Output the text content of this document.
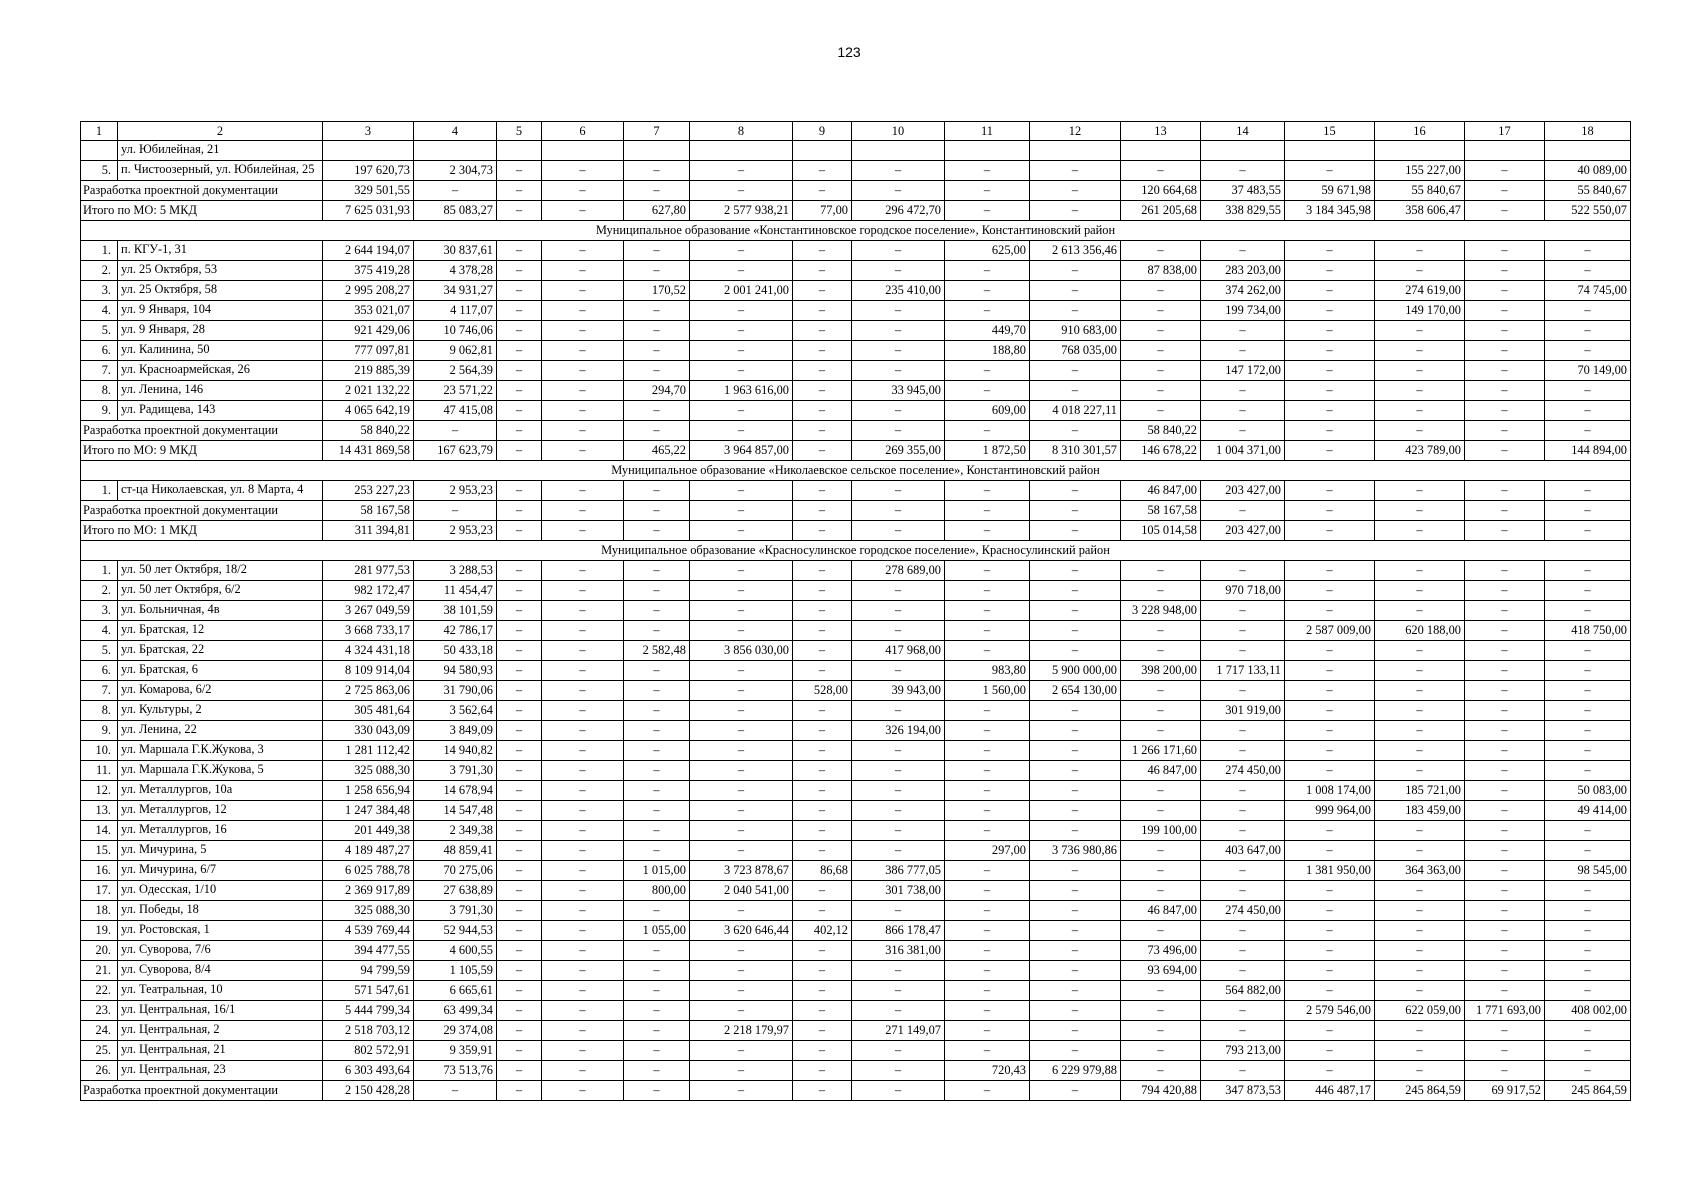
123
1	2	3	4	5	6	7	8	9	10	11	12	13	14	15	16	17	18
	ул. Юбилейная, 21																
5.	п. Чистоозерный, ул. Юбилейная, 25	197 620,73	2 304,73	–	–	–	–	–	–	–	–	–	–	–	155 227,00	–	40 089,00
Разработка проектной документации		329 501,55	–	–	–	–	–	–	–	–	–	120 664,68	37 483,55	59 671,98	55 840,67	–	55 840,67
Итого по МО: 5 МКД		7 625 031,93	85 083,27	–	–	627,80	2 577 938,21	77,00	296 472,70	–	–	261 205,68	338 829,55	3 184 345,98	358 606,47	–	522 550,07
Муниципальное образование «Константиновское городское поселение», Константиновский район																	
1.	п. КГУ-1, 31	2 644 194,07	30 837,61	–	–	–	–	–	–	625,00	2 613 356,46	–	–	–	–	–	–
2.	ул. 25 Октября, 53	375 419,28	4 378,28	–	–	–	–	–	–	–	–	87 838,00	283 203,00	–	–	–	–
3.	ул. 25 Октября, 58	2 995 208,27	34 931,27	–	–	170,52	2 001 241,00	–	235 410,00	–	–	–	374 262,00	–	274 619,00	–	74 745,00
4.	ул. 9 Января, 104	353 021,07	4 117,07	–	–	–	–	–	–	–	–	–	199 734,00	–	149 170,00	–	–
5.	ул. 9 Января, 28	921 429,06	10 746,06	–	–	–	–	–	–	449,70	910 683,00	–	–	–	–	–	–
6.	ул. Калинина, 50	777 097,81	9 062,81	–	–	–	–	–	–	188,80	768 035,00	–	–	–	–	–	–
7.	ул. Красноармейская, 26	219 885,39	2 564,39	–	–	–	–	–	–	–	–	–	147 172,00	–	–	–	70 149,00
8.	ул. Ленина, 146	2 021 132,22	23 571,22	–	–	294,70	1 963 616,00	–	33 945,00	–	–	–	–	–	–	–	–
9.	ул. Радищева, 143	4 065 642,19	47 415,08	–	–	–	–	–	–	609,00	4 018 227,11	–	–	–	–	–	–
Разработка проектной документации		58 840,22	–	–	–	–	–	–	–	–	–	58 840,22	–	–	–	–	–
Итого по МО: 9 МКД		14 431 869,58	167 623,79	–	–	465,22	3 964 857,00	–	269 355,00	1 872,50	8 310 301,57	146 678,22	1 004 371,00	–	423 789,00	–	144 894,00
Муниципальное образование «Николаевское сельское поселение», Константиновский район																	
1.	ст-ца Николаевская, ул. 8 Марта, 4	253 227,23	2 953,23	–	–	–	–	–	–	–	–	46 847,00	203 427,00	–	–	–	–
Разработка проектной документации		58 167,58	–	–	–	–	–	–	–	–	–	58 167,58	–	–	–	–	–
Итого по МО: 1 МКД		311 394,81	2 953,23	–	–	–	–	–	–	–	–	105 014,58	203 427,00	–	–	–	–
Муниципальное образование «Красносулинское городское поселение», Красносулинский район																	
1.	ул. 50 лет Октября, 18/2	281 977,53	3 288,53	–	–	–	–	–	278 689,00	–	–	–	–	–	–	–	–
2.	ул. 50 лет Октября, 6/2	982 172,47	11 454,47	–	–	–	–	–	–	–	–	–	970 718,00	–	–	–	–
3.	ул. Больничная, 4в	3 267 049,59	38 101,59	–	–	–	–	–	–	–	–	3 228 948,00	–	–	–	–	–
4.	ул. Братская, 12	3 668 733,17	42 786,17	–	–	–	–	–	–	–	–	–	–	2 587 009,00	620 188,00	–	418 750,00
5.	ул. Братская, 22	4 324 431,18	50 433,18	–	–	2 582,48	3 856 030,00	–	417 968,00	–	–	–	–	–	–	–	–
6.	ул. Братская, 6	8 109 914,04	94 580,93	–	–	–	–	–	–	983,80	5 900 000,00	398 200,00	1 717 133,11	–	–	–	–
7.	ул. Комарова, 6/2	2 725 863,06	31 790,06	–	–	–	–	528,00	39 943,00	1 560,00	2 654 130,00	–	–	–	–	–	–
8.	ул. Культуры, 2	305 481,64	3 562,64	–	–	–	–	–	–	–	–	–	301 919,00	–	–	–	–
9.	ул. Ленина, 22	330 043,09	3 849,09	–	–	–	–	–	326 194,00	–	–	–	–	–	–	–	–
10.	ул. Маршала Г.К.Жукова, 3	1 281 112,42	14 940,82	–	–	–	–	–	–	–	–	1 266 171,60	–	–	–	–	–
11.	ул. Маршала Г.К.Жукова, 5	325 088,30	3 791,30	–	–	–	–	–	–	–	–	46 847,00	274 450,00	–	–	–	–
12.	ул. Металлургов, 10а	1 258 656,94	14 678,94	–	–	–	–	–	–	–	–	–	–	1 008 174,00	185 721,00	–	50 083,00
13.	ул. Металлургов, 12	1 247 384,48	14 547,48	–	–	–	–	–	–	–	–	–	–	999 964,00	183 459,00	–	49 414,00
14.	ул. Металлургов, 16	201 449,38	2 349,38	–	–	–	–	–	–	–	–	199 100,00	–	–	–	–	–
15.	ул. Мичурина, 5	4 189 487,27	48 859,41	–	–	–	–	–	–	297,00	3 736 980,86	–	403 647,00	–	–	–	–
16.	ул. Мичурина, 6/7	6 025 788,78	70 275,06	–	–	1 015,00	3 723 878,67	86,68	386 777,05	–	–	–	–	1 381 950,00	364 363,00	–	98 545,00
17.	ул. Одесская, 1/10	2 369 917,89	27 638,89	–	–	800,00	2 040 541,00	–	301 738,00	–	–	–	–	–	–	–	–
18.	ул. Победы, 18	325 088,30	3 791,30	–	–	–	–	–	–	–	–	46 847,00	274 450,00	–	–	–	–
19.	ул. Ростовская, 1	4 539 769,44	52 944,53	–	–	1 055,00	3 620 646,44	402,12	866 178,47	–	–	–	–	–	–	–	–
20.	ул. Суворова, 7/6	394 477,55	4 600,55	–	–	–	–	–	316 381,00	–	–	73 496,00	–	–	–	–	–
21.	ул. Суворова, 8/4	94 799,59	1 105,59	–	–	–	–	–	–	–	–	93 694,00	–	–	–	–	–
22.	ул. Театральная, 10	571 547,61	6 665,61	–	–	–	–	–	–	–	–	–	564 882,00	–	–	–	–
23.	ул. Центральная, 16/1	5 444 799,34	63 499,34	–	–	–	–	–	–	–	–	–	–	2 579 546,00	622 059,00	1 771 693,00	408 002,00
24.	ул. Центральная, 2	2 518 703,12	29 374,08	–	–	–	2 218 179,97	–	271 149,07	–	–	–	–	–	–	–	–
25.	ул. Центральная, 21	802 572,91	9 359,91	–	–	–	–	–	–	–	–	–	793 213,00	–	–	–	–
26.	ул. Центральная, 23	6 303 493,64	73 513,76	–	–	–	–	–	–	720,43	6 229 979,88	–	–	–	–	–	–
Разработка проектной документации		2 150 428,28	–	–	–	–	–	–	–	–	–	794 420,88	347 873,53	446 487,17	245 864,59	69 917,52	245 864,59
